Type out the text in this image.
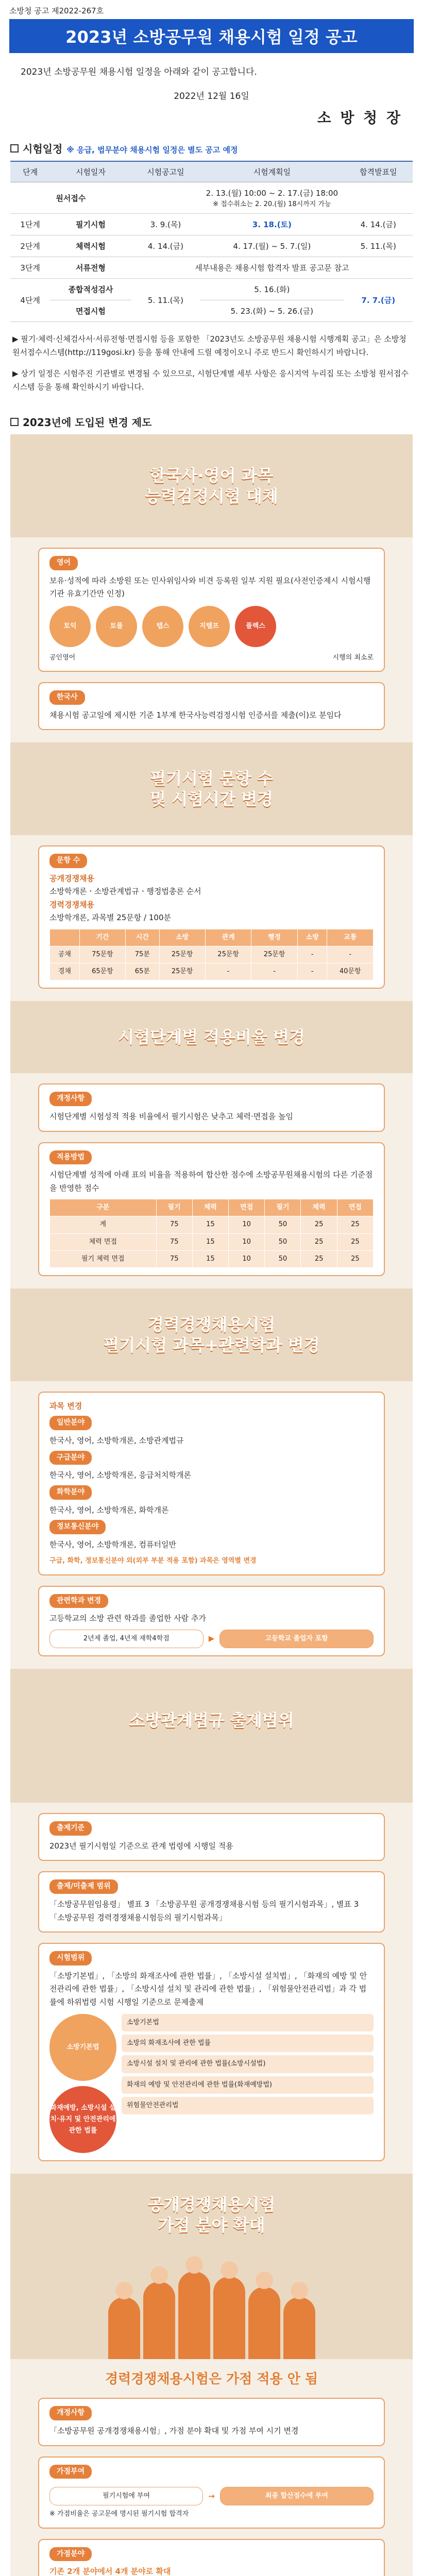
소방청 공고 제2022-267호
2023년 소방공무원 채용시험 일정 공고
2023년 소방공무원 채용시험 일정을 아래와 같이 공고합니다.
2022년 12월 16일
소 방 청 장
시험일정 ※ 응급, 법무분야 채용시험 일정은 별도 공고 예정
단계	시험일자	시험공고일	시험계획일	합격발표일
원서접수		2. 13.(월) 10:00 ~ 2. 17.(금) 18:00
※ 접수취소는 2. 20.(월) 18시까지 가능		

1단계	필기시험	3. 9.(목)	3. 18.(토)	4. 14.(금)
2단계	체력시험	4. 14.(금)	4. 17.(월) ~ 5. 7.(일)	5. 11.(목)
3단계	서류전형	세부내용은 채용시험 합격자 발표 공고문 참고		
4단계	종합적성검사	5. 11.(목)	5. 16.(화)	7. 7.(금)
	면접시험		5. 23.(화) ~ 5. 26.(금)	

▶ 필기·체력·신체검사서·서류전형·면접시험 등을 포함한 「2023년도 소방공무원 채용시험 시행계획 공고」은 소방청 원서접수시스템(http://119gosi.kr) 등을 통해 안내에 드릴 예정이오니 주로 반드시 확인하시기 바랍니다.

▶ 상기 일정은 시험주진 기관별로 변경될 수 있으므로, 시험단계별 세부 사항은 응시지역 누리집 또는 소방청 원서접수시스템 등을 통해 확인하시기 바랍니다.

2023년에 도입된 변경 제도
한국사·영어 과목
능력검정시험 대체
영어
보유·성적에 따라 소방원 또는 민사위임사와 비견 등록원 일부 지원 필요(사전인증제시 시험시행기관 유효기간만 인정)
토익	토플	텝스	지텔프	플렉스
공인영어	시행의 최소로
한국사
채용시험 공고일에 제시한 기준 1부계 한국사능력검정시험 인증서를 제출(이)로 분임다
필기시험 문항 수
및 시험시간 변경
문항 수
공개경쟁채용
소방학개론ㆍ소방관계법규ㆍ행정법총론 순서
경력경쟁채용
소방학개론, 과목별 25문항 / 100분
	기간	시간	소방	관계	행정	소방	교통
공채	75문항	75분	25문항	25문항	25문항	-	-
경채	65문항	65분	25문항	-	-	-	40문항
시험단계별 적용비율 변경
개정사항
시험단계별 시험성적 적용 비율에서 필기시험은 낮추고 체력·면접을 높임
적용방법
시험단계별 성적에 아래 표의 비율을 적용하여 합산한 점수에 소방공무원채용시험의 다른 기준점을 반영한 점수
구분	필기	체력	면접	필기	체력	면접
계	75	15	10	50	25	25
체력 면접	75	15	10	50	25	25
필기 체력 면접	75	15	10	50	25	25
경력경쟁채용시험
필기시험 과목+관련학과 변경
과목 변경
일반분야
한국사, 영어, 소방학개론, 소방관계법규
구급분야
한국사, 영어, 소방학개론, 응급처치학개론
화학분야
한국사, 영어, 소방학개론, 화학개론
정보통신분야
한국사, 영어, 소방학개론, 컴퓨터일반
구급, 화학, 정보통신분야 외(외부 부분 적용 포함) 과목은 영역별 변경
관련학과 변경
고등학교의 소방 관련 학과를 졸업한 사람 추가
2년제 졸업, 4년제 재학4학점	▶	고등학교 졸업자 포함
소방관계법규 출제범위
출제기준
2023년 필기시험일 기준으로 관계 법령에 시행일 적용
출제/미출제 범위
「소방공무원임용령」 별표 3 「소방공무원 공개경쟁채용시험 등의 필기시험과목」, 별표 3 「소방공무원 경력경쟁채용시험등의 필기시험과목」
시험범위
「소방기본법」, 「소방의 화재조사에 관한 법률」, 「소방시설 설치법」, 「화재의 예방 및 안전관리에 관한 법률」, 「소방시설 설치 및 관리에 관한 법률」, 「위험물안전관리법」과 각 법률에 하위법령 시험 시행일 기준으로 문제출제
소방기본법
화재예방, 소방시설 설치·유지 및 안전관리에 관한 법률
소방기본법
소방의 화재조사에 관한 법률
소방시설 설치 및 관리에 관한 법률(소방시설법)
화재의 예방 및 안전관리에 관한 법률(화재예방법)
위험물안전관리법
공개경쟁채용시험
가점 분야 확대
경력경쟁채용시험은 가점 적용 안 됨
개정사항
「소방공무원 공개경쟁채용시험」, 가점 분야 확대 및 가점 부여 시기 변경
가점부여
필기시험에 부여	→	최종 합산점수에 부여
※ 가점비율은 공고문에 명시된 필기시험 합격자
가점분야
기존 2개 분야에서 4개 분야로 확대
